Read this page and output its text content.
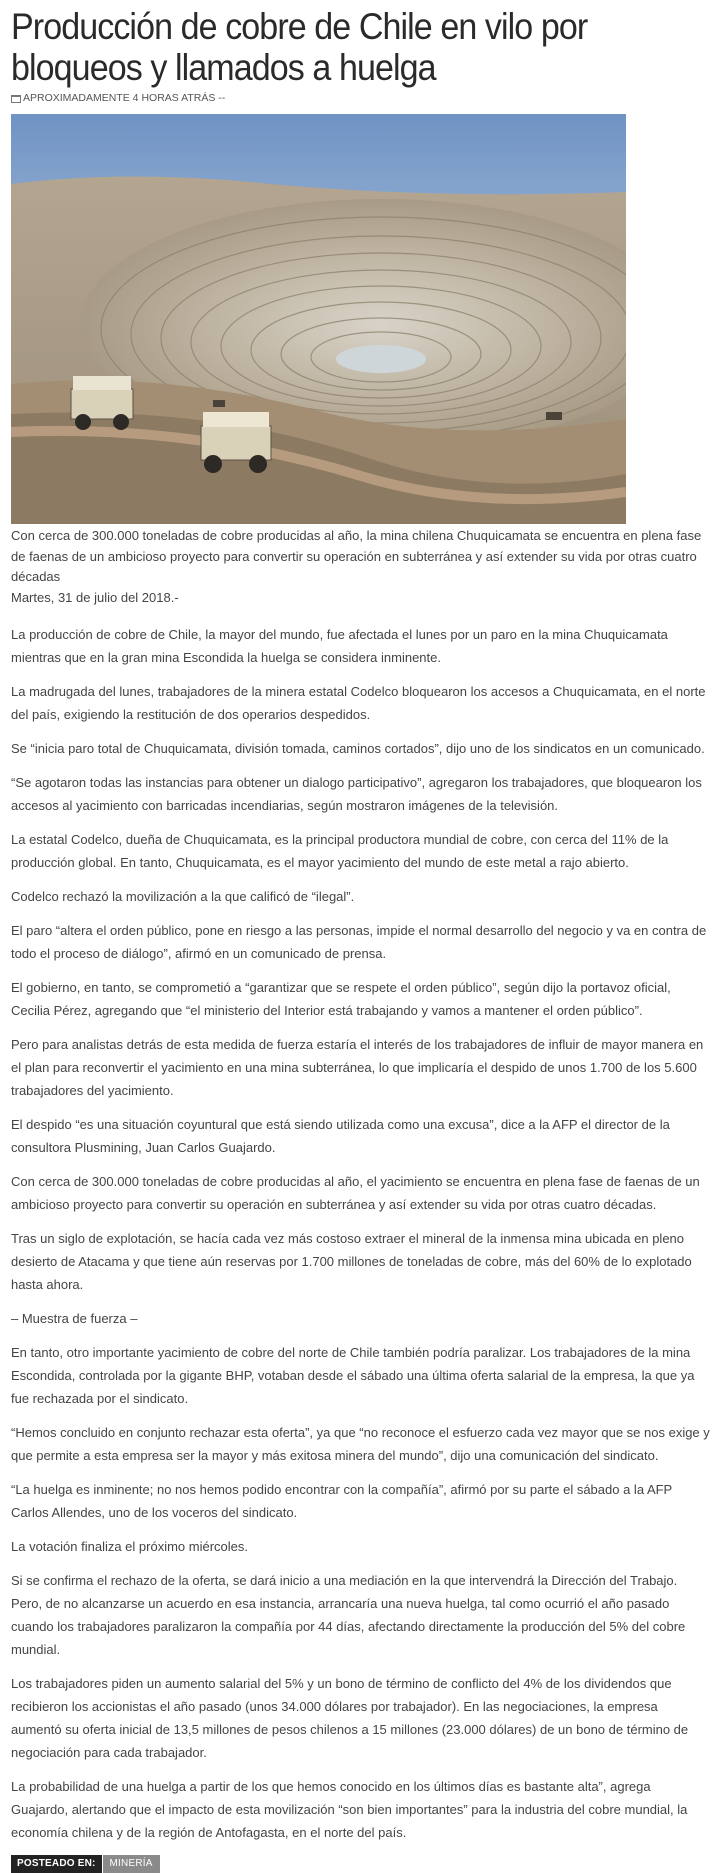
Producción de cobre de Chile en vilo por bloqueos y llamados a huelga
APROXIMADAMENTE 4 HORAS ATRÁS --
Con cerca de 300.000 toneladas de cobre producidas al año, la mina chilena Chuquicamata se encuentra en plena fase de faenas de un ambicioso proyecto para convertir su operación en subterránea y así extender su vida por otras cuatro décadas
Martes, 31 de julio del 2018.-

La producción de cobre de Chile, la mayor del mundo, fue afectada el lunes por un paro en la mina Chuquicamata mientras que en la gran mina Escondida la huelga se considera inminente.

La madrugada del lunes, trabajadores de la minera estatal Codelco bloquearon los accesos a Chuquicamata, en el norte del país, exigiendo la restitución de dos operarios despedidos.

Se “inicia paro total de Chuquicamata, división tomada, caminos cortados”, dijo uno de los sindicatos en un comunicado.

“Se agotaron todas las instancias para obtener un dialogo participativo”, agregaron los trabajadores, que bloquearon los accesos al yacimiento con barricadas incendiarias, según mostraron imágenes de la televisión.

La estatal Codelco, dueña de Chuquicamata, es la principal productora mundial de cobre, con cerca del 11% de la producción global. En tanto, Chuquicamata, es el mayor yacimiento del mundo de este metal a rajo abierto.

Codelco rechazó la movilización a la que calificó de “ilegal”.

El paro “altera el orden público, pone en riesgo a las personas, impide el normal desarrollo del negocio y va en contra de todo el proceso de diálogo”, afirmó en un comunicado de prensa.

El gobierno, en tanto, se comprometió a “garantizar que se respete el orden público”, según dijo la portavoz oficial, Cecilia Pérez, agregando que “el ministerio del Interior está trabajando y vamos a mantener el orden público”.

Pero para analistas detrás de esta medida de fuerza estaría el interés de los trabajadores de influir de mayor manera en el plan para reconvertir el yacimiento en una mina subterránea, lo que implicaría el despido de unos 1.700 de los 5.600 trabajadores del yacimiento.

El despido “es una situación coyuntural que está siendo utilizada como una excusa”, dice a la AFP el director de la consultora Plusmining, Juan Carlos Guajardo.

Con cerca de 300.000 toneladas de cobre producidas al año, el yacimiento se encuentra en plena fase de faenas de un ambicioso proyecto para convertir su operación en subterránea y así extender su vida por otras cuatro décadas.

Tras un siglo de explotación, se hacía cada vez más costoso extraer el mineral de la inmensa mina ubicada en pleno desierto de Atacama y que tiene aún reservas por 1.700 millones de toneladas de cobre, más del 60% de lo explotado hasta ahora.

– Muestra de fuerza –

En tanto, otro importante yacimiento de cobre del norte de Chile también podría paralizar. Los trabajadores de la mina Escondida, controlada por la gigante BHP, votaban desde el sábado una última oferta salarial de la empresa, la que ya fue rechazada por el sindicato.

“Hemos concluido en conjunto rechazar esta oferta”, ya que “no reconoce el esfuerzo cada vez mayor que se nos exige y que permite a esta empresa ser la mayor y más exitosa minera del mundo”, dijo una comunicación del sindicato.

“La huelga es inminente; no nos hemos podido encontrar con la compañía”, afirmó por su parte el sábado a la AFP Carlos Allendes, uno de los voceros del sindicato.

La votación finaliza el próximo miércoles.

Si se confirma el rechazo de la oferta, se dará inicio a una mediación en la que intervendrá la Dirección del Trabajo. Pero, de no alcanzarse un acuerdo en esa instancia, arrancaría una nueva huelga, tal como ocurrió el año pasado cuando los trabajadores paralizaron la compañía por 44 días, afectando directamente la producción del 5% del cobre mundial.

Los trabajadores piden un aumento salarial del 5% y un bono de término de conflicto del 4% de los dividendos que recibieron los accionistas el año pasado (unos 34.000 dólares por trabajador). En las negociaciones, la empresa aumentó su oferta inicial de 13,5 millones de pesos chilenos a 15 millones (23.000 dólares) de un bono de término de negociación para cada trabajador.

La probabilidad de una huelga a partir de los que hemos conocido en los últimos días es bastante alta”, agrega Guajardo, alertando que el impacto de esta movilización “son bien importantes” para la industria del cobre mundial, la economía chilena y de la región de Antofagasta, en el norte del país.

POSTEADO EN:	MINERÍA
